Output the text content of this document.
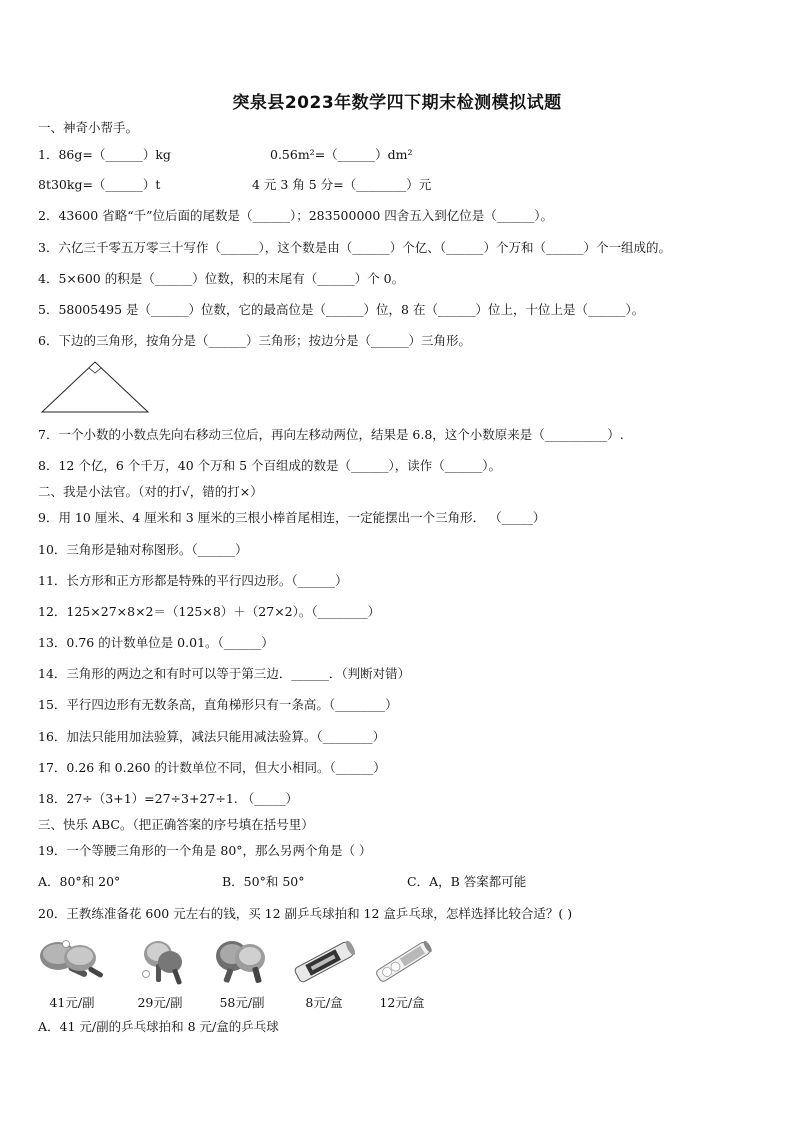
突泉县2023年数学四下期末检测模拟试题
一、神奇小帮手。
1．86g=（______）kg	0.56m²=（______）dm²
8t30kg=（______）t	4 元 3 角 5 分=（________）元
2．43600 省略“千”位后面的尾数是（______）；283500000 四舍五入到亿位是（______）。
3．六亿三千零五万零三十写作（______），这个数是由（______）个亿、（______）个万和（______）个一组成的。
4．5×600 的积是（______）位数，积的末尾有（______）个 0。
5．58005495 是（______）位数，它的最高位是（______）位，8 在（______）位上，十位上是（______）。
6．下边的三角形，按角分是（______）三角形；按边分是（______）三角形。
7．一个小数的小数点先向右移动三位后，再向左移动两位，结果是 6.8，这个小数原来是（__________）.
8．12 个亿，6 个千万，40 个万和 5 个百组成的数是（______），读作（______）。
二、我是小法官。（对的打√，错的打×）
9．用 10 厘米、4 厘米和 3 厘米的三根小棒首尾相连，一定能摆出一个三角形． （_____）
10．三角形是轴对称图形。（______）
11．长方形和正方形都是特殊的平行四边形。（______）
12．125×27×8×2＝（125×8）＋（27×2）。（________）
13．0.76 的计数单位是 0.01。（______）
14．三角形的两边之和有时可以等于第三边．______．（判断对错）
15．平行四边形有无数条高，直角梯形只有一条高。（________）
16．加法只能用加法验算，减法只能用减法验算。（________）
17．0.26 和 0.260 的计数单位不同，但大小相同。（______）
18．27÷（3+1）=27÷3+27÷1. （_____）
三、快乐 ABC。（把正确答案的序号填在括号里）
19．一个等腰三角形的一个角是 80°，那么另两个角是（ ）
A．80°和 20°	B．50°和 50°	C．A，B 答案都可能
20．王教练准备花 600 元左右的钱，买 12 副乒乓球拍和 12 盒乒乓球，怎样选择比较合适？( )
41元/副	29元/副	58元/副	8元/盒	12元/盒
A．41 元/副的乒乓球拍和 8 元/盒的乒乓球
